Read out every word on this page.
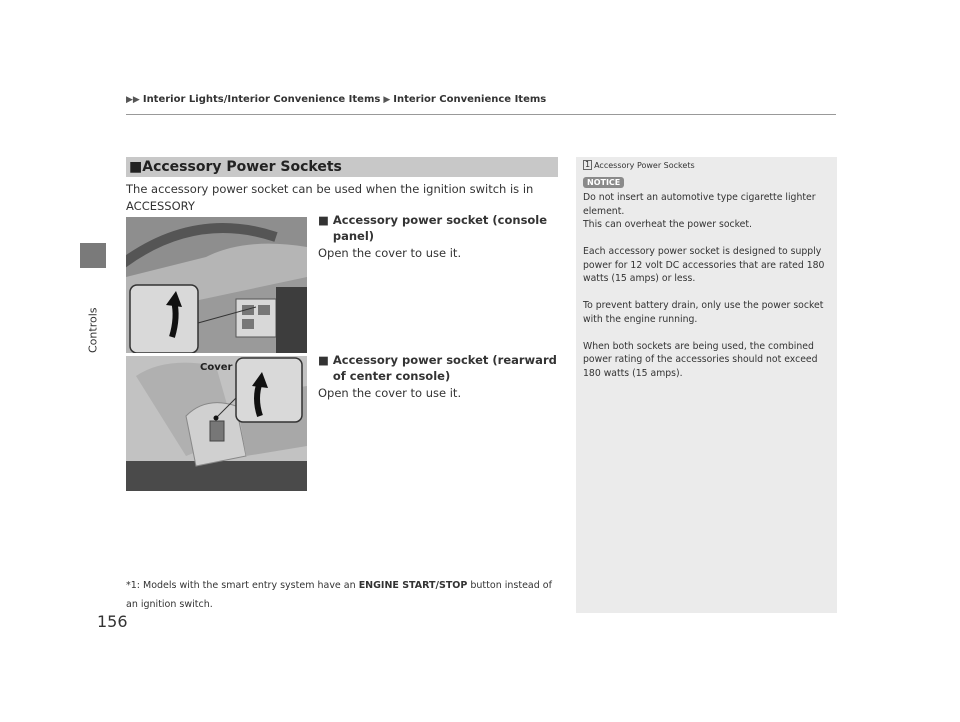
▶▶ Interior Lights/Interior Convenience Items ▶ Interior Convenience Items
Controls
156
■Accessory Power Sockets
The accessory power socket can be used when the ignition switch is in ACCESSORY

Cover
■ Accessory power socket (console panel)
Open the cover to use it.
■ Accessory power socket (rearward of center console)
Open the cover to use it.
*1: Models with the smart entry system have an ENGINE START/STOP button instead of an ignition switch.
1 Accessory Power Sockets
NOTICE

Do not insert an automotive type cigarette lighter element.
This can overheat the power socket.

Each accessory power socket is designed to supply power for 12 volt DC accessories that are rated 180 watts (15 amps) or less.

To prevent battery drain, only use the power socket with the engine running.

When both sockets are being used, the combined power rating of the accessories should not exceed 180 watts (15 amps).
